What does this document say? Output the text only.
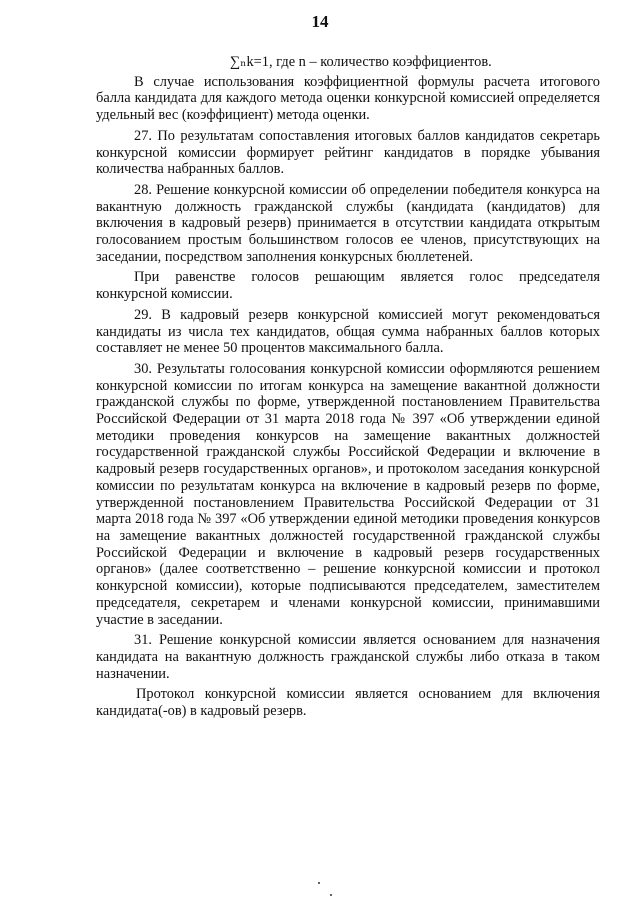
14

∑ₙk=1, где n – количество коэффициентов.

В случае использования коэффициентной формулы расчета итогового балла кандидата для каждого метода оценки конкурсной комиссией определяется удельный вес (коэффициент) метода оценки.

27. По результатам сопоставления итоговых баллов кандидатов секретарь конкурсной комиссии формирует рейтинг кандидатов в порядке убывания количества набранных баллов.

28. Решение конкурсной комиссии об определении победителя конкурса на вакантную должность гражданской службы (кандидата (кандидатов) для включения в кадровый резерв) принимается в отсутствии кандидата открытым голосованием простым большинством голосов ее членов, присутствующих на заседании, посредством заполнения конкурсных бюллетеней.

При равенстве голосов решающим является голос председателя конкурсной комиссии.

29. В кадровый резерв конкурсной комиссией могут рекомендоваться кандидаты из числа тех кандидатов, общая сумма набранных баллов которых составляет не менее 50 процентов максимального балла.

30. Результаты голосования конкурсной комиссии оформляются решением конкурсной комиссии по итогам конкурса на замещение вакантной должности гражданской службы по форме, утвержденной постановлением Правительства Российской Федерации от 31 марта 2018 года № 397 «Об утверждении единой методики проведения конкурсов на замещение вакантных должностей государственной гражданской службы Российской Федерации и включение в кадровый резерв государственных органов», и протоколом заседания конкурсной комиссии по результатам конкурса на включение в кадровый резерв по форме, утвержденной постановлением Правительства Российской Федерации от 31 марта 2018 года № 397 «Об утверждении единой методики проведения конкурсов на замещение вакантных должностей государственной гражданской службы Российской Федерации и включение в кадровый резерв государственных органов» (далее соответственно – решение конкурсной комиссии и протокол конкурсной комиссии), которые подписываются председателем, заместителем председателя, секретарем и членами конкурсной комиссии, принимавшими участие в заседании.

31. Решение конкурсной комиссии является основанием для назначения кандидата на вакантную должность гражданской службы либо отказа в таком назначении.

Протокол конкурсной комиссии является основанием для включения кандидата(-ов) в кадровый резерв.
